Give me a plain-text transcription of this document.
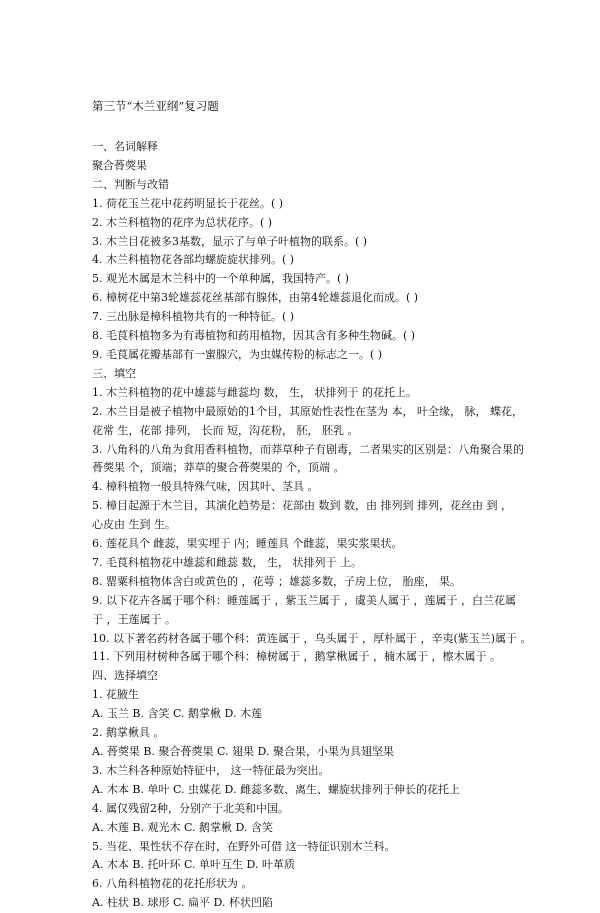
第三节“木兰亚纲”复习题

一、名词解释

聚合蓇葖果

二、判断与改错

1. 荷花玉兰花中花药明显长于花丝。( )

2. 木兰科植物的花序为总状花序。( )

3. 木兰目花被多3基数，显示了与单子叶植物的联系。( )

4. 木兰科植物花各部均螺旋旋状排列。( )

5. 观光木属是木兰科中的一个单种属，我国特产。( )

6. 樟树花中第3轮雄蕊花丝基部有腺体，由第4轮雄蕊退化而成。( )

7. 三出脉是樟科植物共有的一种特征。( )

8. 毛茛科植物多为有毒植物和药用植物，因其含有多种生物碱。( )

9. 毛茛属花瓣基部有一蜜腺穴，为虫媒传粉的标志之一。( )

三、填空

1. 木兰科植物的花中雄蕊与雌蕊均 数， 生， 状排列于 的花托上。

2. 木兰目是被子植物中最原始的1个目，其原始性表性在茎为 本， 叶全缘， 脉， 蝶花，

花常 生，花部 排列， 长而 短，沟花粉， 胚， 胚乳 。

3. 八角科的八角为食用香料植物，而莽草种子有剧毒，二者果实的区别是：八角聚合果的

蓇葖果 个，顶端；莽草的聚合蓇葖果的 个，顶端 。

4. 樟科植物一般具特殊气味，因其叶、茎具 。

5. 樟目起源于木兰目，其演化趋势是：花部由 数到 数，由 排列到 排列，花丝由 到 ，

心皮由 生到 生。

6. 莲花具个 雌蕊，果实埋于 内；睡莲具 个雌蕊，果实浆果状。

7. 毛茛科植物花中雄蕊和雌蕊 数， 生， 状排列于 上。

8. 罂粟科植物体含白或黄色的 ，花萼 ；雄蕊多数，子房上位， 胎座， 果。

9. 以下花卉各属于哪个科：睡莲属于 ，紫玉兰属于 ，虞美人属于 ，莲属于 ，白兰花属

于 ，王莲属于 。

10. 以下著名药材各属于哪个科：黄连属于 ，乌头属于 ，厚朴属于 ，辛夷(紫玉兰)属于 。

11. 下列用材树种各属于哪个科：樟树属于 ，鹅掌楸属于 ，楠木属于 ，檫木属于 。

四、选择填空

1. 花腋生

A. 玉兰 B. 含笑 C. 鹅掌楸 D. 木莲

2. 鹅掌楸具 。

A. 蓇葖果 B. 聚合蓇葖果 C. 翅果 D. 聚合果，小果为具翅坚果

3. 木兰科各种原始特征中， 这一特征最为突出。

A. 木本 B. 单叶 C. 虫媒花 D. 雌蕊多数、离生、螺旋状排列于伸长的花托上

4. 属仅残留2种，分别产于北美和中国。

A. 木莲 B. 观光木 C. 鹅掌楸 D. 含笑

5. 当花、果性状不存在时，在野外可借 这一特征识别木兰科。

A. 木本 B. 托叶环 C. 单叶互生 D. 叶革质

6. 八角科植物花的花托形状为 。

A. 柱状 B. 球形 C. 扁平 D. 杯状凹陷
